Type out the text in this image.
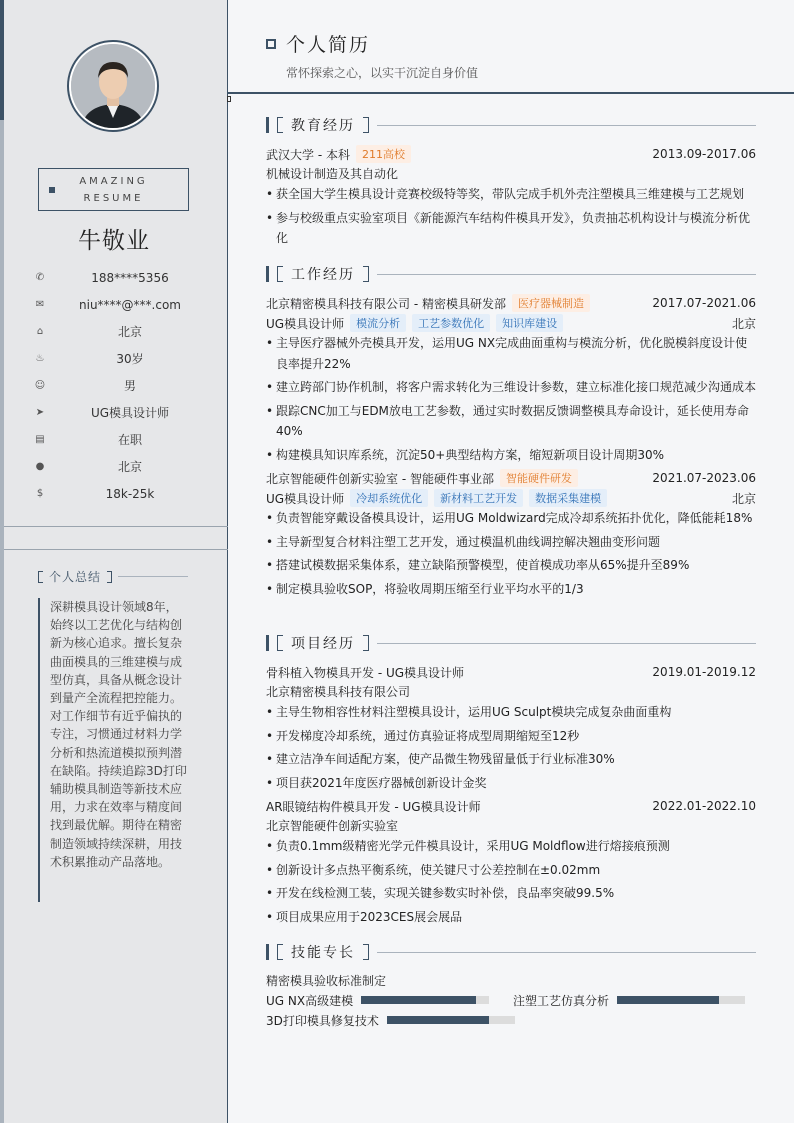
AMAZING RESUME
牛敬业
✆	188****5356
✉	niu****@***.com
⌂	北京
♨	30岁
☺	男
➤	UG模具设计师
▤	在职
●	北京
$	18k-25k
个人总结
深耕模具设计领域8年，始终以工艺优化与结构创新为核心追求。擅长复杂曲面模具的三维建模与成型仿真，具备从概念设计到量产全流程把控能力。对工作细节有近乎偏执的专注，习惯通过材料力学分析和热流道模拟预判潜在缺陷。持续追踪3D打印辅助模具制造等新技术应用，力求在效率与精度间找到最优解。期待在精密制造领域持续深耕，用技术积累推动产品落地。
个人简历
常怀探索之心，以实干沉淀自身价值
教育经历
武汉大学 - 本科	211高校	2013.09-2017.06
机械设计制造及其自动化
• 获全国大学生模具设计竞赛校级特等奖，带队完成手机外壳注塑模具三维建模与工艺规划
• 参与校级重点实验室项目《新能源汽车结构件模具开发》，负责抽芯机构设计与模流分析优化
工作经历
北京精密模具科技有限公司 - 精密模具研发部	医疗器械制造	2017.07-2021.06
UG模具设计师	模流分析	工艺参数优化	知识库建设	北京
• 主导医疗器械外壳模具开发，运用UG NX完成曲面重构与模流分析，优化脱模斜度设计使良率提升22%
• 建立跨部门协作机制，将客户需求转化为三维设计参数，建立标准化接口规范减少沟通成本
• 跟踪CNC加工与EDM放电工艺参数，通过实时数据反馈调整模具寿命设计，延长使用寿命40%
• 构建模具知识库系统，沉淀50+典型结构方案，缩短新项目设计周期30%
北京智能硬件创新实验室 - 智能硬件事业部	智能硬件研发	2021.07-2023.06
UG模具设计师	冷却系统优化	新材料工艺开发	数据采集建模	北京
• 负责智能穿戴设备模具设计，运用UG Moldwizard完成冷却系统拓扑优化，降低能耗18%
• 主导新型复合材料注塑工艺开发，通过模温机曲线调控解决翘曲变形问题
• 搭建试模数据采集体系，建立缺陷预警模型，使首模成功率从65%提升至89%
• 制定模具验收SOP，将验收周期压缩至行业平均水平的1/3
项目经历
骨科植入物模具开发 - UG模具设计师	2019.01-2019.12
北京精密模具科技有限公司
• 主导生物相容性材料注塑模具设计，运用UG Sculpt模块完成复杂曲面重构
• 开发梯度冷却系统，通过仿真验证将成型周期缩短至12秒
• 建立洁净车间适配方案，使产品微生物残留量低于行业标准30%
• 项目获2021年度医疗器械创新设计金奖
AR眼镜结构件模具开发 - UG模具设计师	2022.01-2022.10
北京智能硬件创新实验室
• 负责0.1mm级精密光学元件模具设计，采用UG Moldflow进行熔接痕预测
• 创新设计多点热平衡系统，使关键尺寸公差控制在±0.02mm
• 开发在线检测工装，实现关键参数实时补偿，良品率突破99.5%
• 项目成果应用于2023CES展会展品
技能专长
精密模具验收标准制定
UG NX高级建模	注塑工艺仿真分析
3D打印模具修复技术
